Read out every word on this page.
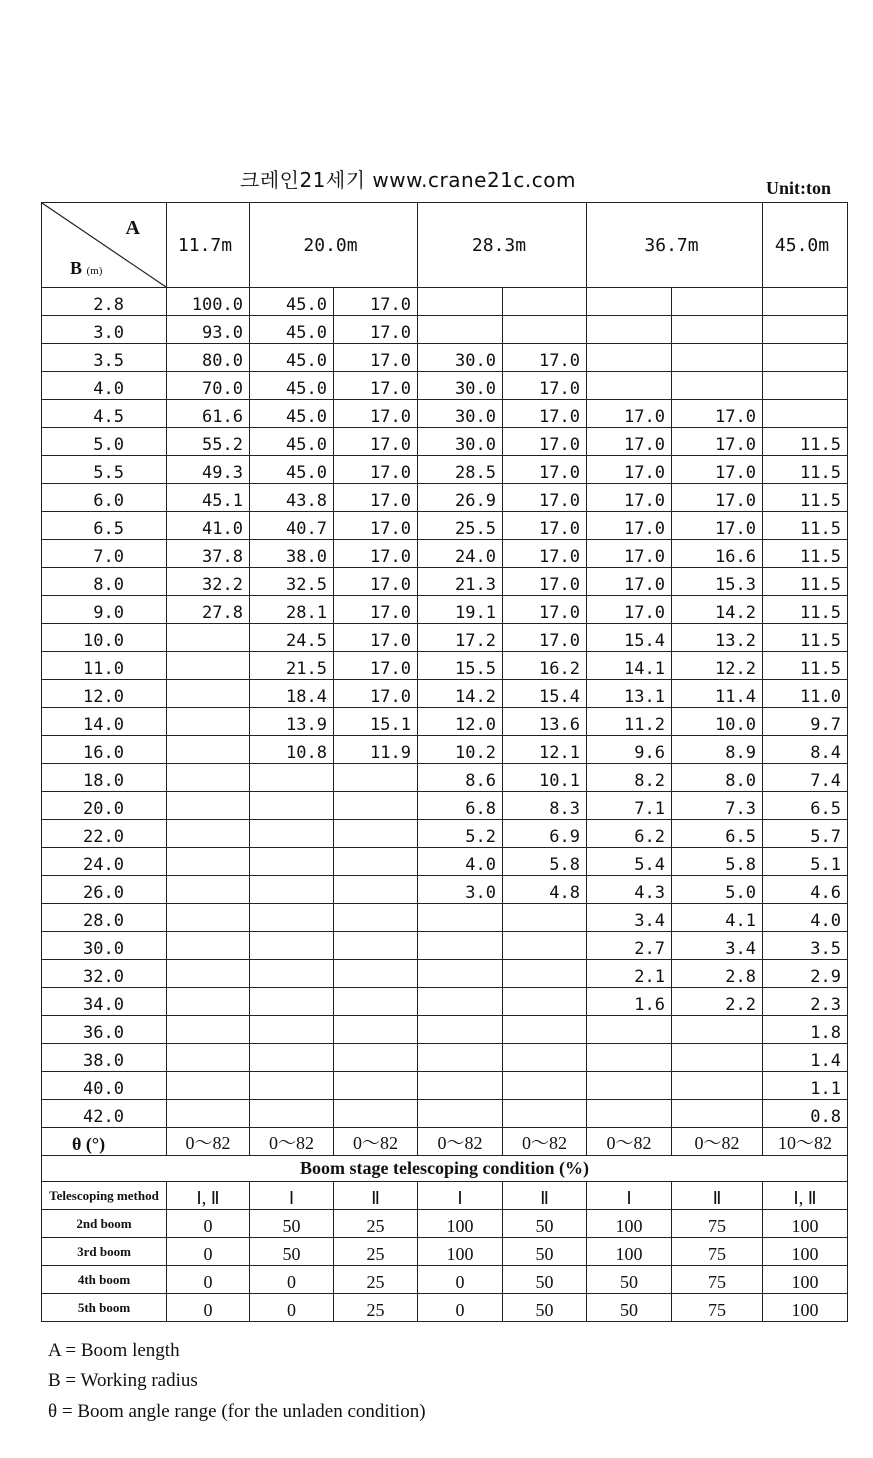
크레인21세기 www.crane21c.com	Unit:ton
A
B (m)	11.7m	20.0m		28.3m		36.7m		45.0m
2.8	100.0	45.0	17.0					
3.0	93.0	45.0	17.0					
3.5	80.0	45.0	17.0	30.0	17.0			
4.0	70.0	45.0	17.0	30.0	17.0			
4.5	61.6	45.0	17.0	30.0	17.0	17.0	17.0	
5.0	55.2	45.0	17.0	30.0	17.0	17.0	17.0	11.5
5.5	49.3	45.0	17.0	28.5	17.0	17.0	17.0	11.5
6.0	45.1	43.8	17.0	26.9	17.0	17.0	17.0	11.5
6.5	41.0	40.7	17.0	25.5	17.0	17.0	17.0	11.5
7.0	37.8	38.0	17.0	24.0	17.0	17.0	16.6	11.5
8.0	32.2	32.5	17.0	21.3	17.0	17.0	15.3	11.5
9.0	27.8	28.1	17.0	19.1	17.0	17.0	14.2	11.5
10.0		24.5	17.0	17.2	17.0	15.4	13.2	11.5
11.0		21.5	17.0	15.5	16.2	14.1	12.2	11.5
12.0		18.4	17.0	14.2	15.4	13.1	11.4	11.0
14.0		13.9	15.1	12.0	13.6	11.2	10.0	9.7
16.0		10.8	11.9	10.2	12.1	9.6	8.9	8.4
18.0				8.6	10.1	8.2	8.0	7.4
20.0				6.8	8.3	7.1	7.3	6.5
22.0				5.2	6.9	6.2	6.5	5.7
24.0				4.0	5.8	5.4	5.8	5.1
26.0				3.0	4.8	4.3	5.0	4.6
28.0						3.4	4.1	4.0
30.0						2.7	3.4	3.5
32.0						2.1	2.8	2.9
34.0						1.6	2.2	2.3
36.0								1.8
38.0								1.4
40.0								1.1
42.0								0.8
θ (°)	0～82	0～82	0～82	0～82	0～82	0～82	0～82	10～82
Boom stage telescoping condition (%)								
Telescoping method	Ⅰ, Ⅱ	Ⅰ	Ⅱ	Ⅰ	Ⅱ	Ⅰ	Ⅱ	Ⅰ, Ⅱ
2nd boom	0	50	25	100	50	100	75	100
3rd boom	0	50	25	100	50	100	75	100
4th boom	0	0	25	0	50	50	75	100
5th boom	0	0	25	0	50	50	75	100
A = Boom length
B = Working radius
θ = Boom angle range (for the unladen condition)
